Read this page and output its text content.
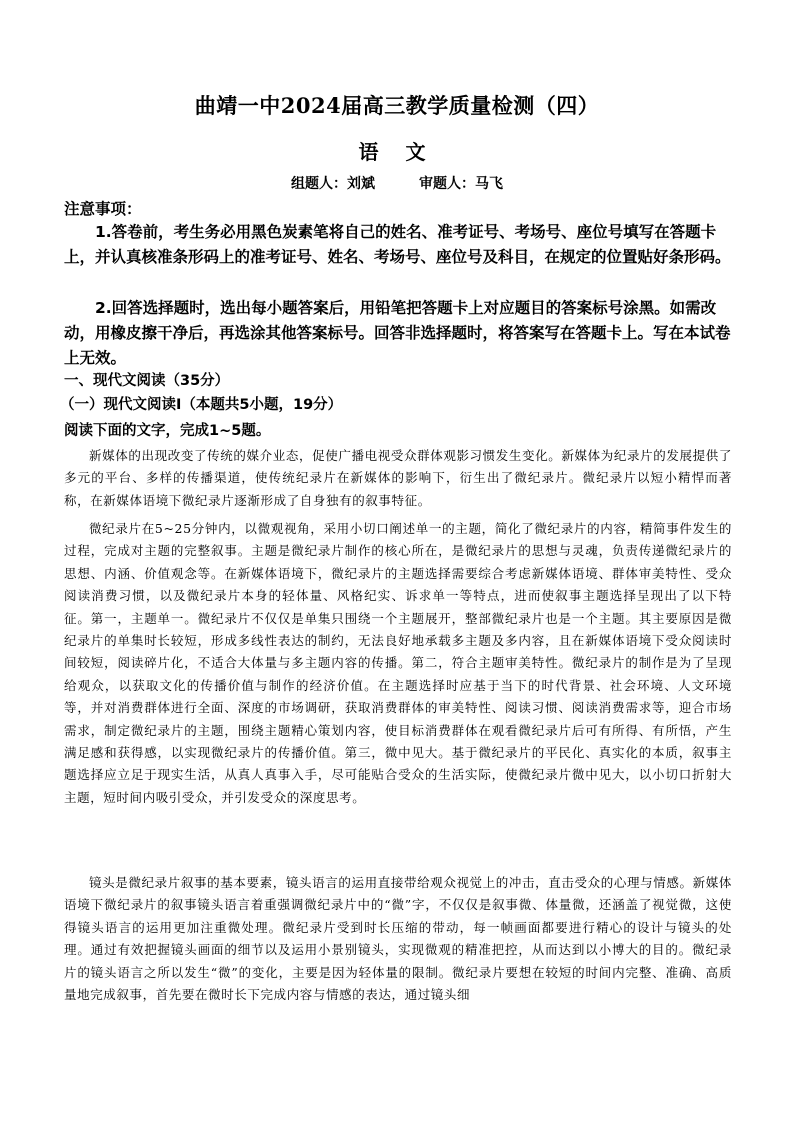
曲靖一中2024届高三教学质量检测（四）
语 文
组题人：刘斌	审题人：马飞

注意事项：

1.答卷前，考生务必用黑色炭素笔将自己的姓名、准考证号、考场号、座位号填写在答题卡上，并认真核准条形码上的准考证号、姓名、考场号、座位号及科目，在规定的位置贴好条形码。

2.回答选择题时，选出每小题答案后，用铅笔把答题卡上对应题目的答案标号涂黑。如需改动，用橡皮擦干净后，再选涂其他答案标号。回答非选择题时，将答案写在答题卡上。写在本试卷上无效。

一、现代文阅读（35分）

（一）现代文阅读Ⅰ（本题共5小题，19分）

阅读下面的文字，完成1~5题。

新媒体的出现改变了传统的媒介业态，促使广播电视受众群体观影习惯发生变化。新媒体为纪录片的发展提供了多元的平台、多样的传播渠道，使传统纪录片在新媒体的影响下，衍生出了微纪录片。微纪录片以短小精悍而著称，在新媒体语境下微纪录片逐渐形成了自身独有的叙事特征。

微纪录片在5~25分钟内，以微观视角，采用小切口阐述单一的主题，简化了微纪录片的内容，精简事件发生的过程，完成对主题的完整叙事。主题是微纪录片制作的核心所在，是微纪录片的思想与灵魂，负责传递微纪录片的思想、内涵、价值观念等。在新媒体语境下，微纪录片的主题选择需要综合考虑新媒体语境、群体审美特性、受众阅读消费习惯，以及微纪录片本身的轻体量、风格纪实、诉求单一等特点，进而使叙事主题选择呈现出了以下特征。第一，主题单一。微纪录片不仅仅是单集只围绕一个主题展开，整部微纪录片也是一个主题。其主要原因是微纪录片的单集时长较短，形成多线性表达的制约，无法良好地承载多主题及多内容，且在新媒体语境下受众阅读时间较短，阅读碎片化，不适合大体量与多主题内容的传播。第二，符合主题审美特性。微纪录片的制作是为了呈现给观众，以获取文化的传播价值与制作的经济价值。在主题选择时应基于当下的时代背景、社会环境、人文环境等，并对消费群体进行全面、深度的市场调研，获取消费群体的审美特性、阅读习惯、阅读消费需求等，迎合市场需求，制定微纪录片的主题，围绕主题精心策划内容，使目标消费群体在观看微纪录片后可有所得、有所悟，产生满足感和获得感，以实现微纪录片的传播价值。第三，微中见大。基于微纪录片的平民化、真实化的本质，叙事主题选择应立足于现实生活，从真人真事入手，尽可能贴合受众的生活实际，使微纪录片微中见大，以小切口折射大主题，短时间内吸引受众，并引发受众的深度思考。

镜头是微纪录片叙事的基本要素，镜头语言的运用直接带给观众视觉上的冲击，直击受众的心理与情感。新媒体语境下微纪录片的叙事镜头语言着重强调微纪录片中的“微”字，不仅仅是叙事微、体量微，还涵盖了视觉微，这使得镜头语言的运用更加注重微处理。微纪录片受到时长压缩的带动，每一帧画面都要进行精心的设计与镜头的处理。通过有效把握镜头画面的细节以及运用小景别镜头，实现微观的精准把控，从而达到以小博大的目的。微纪录片的镜头语言之所以发生“微”的变化，主要是因为轻体量的限制。微纪录片要想在较短的时间内完整、准确、高质量地完成叙事，首先要在微时长下完成内容与情感的表达，通过镜头细
